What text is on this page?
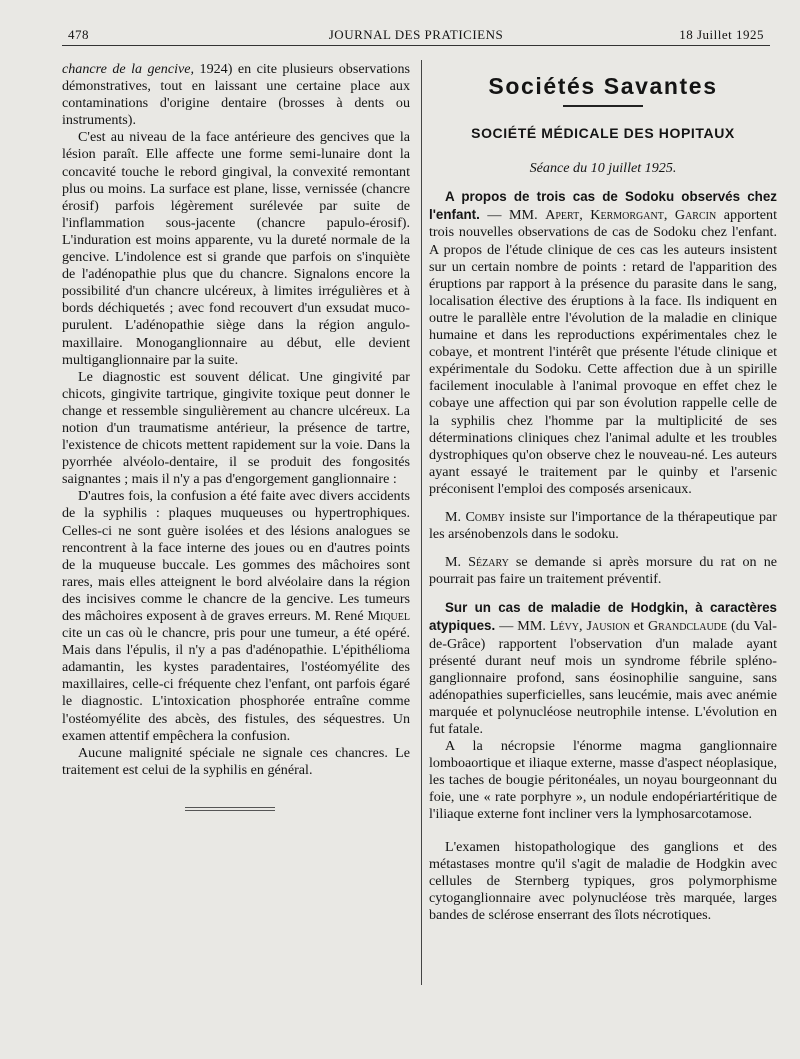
478	JOURNAL DES PRATICIENS	18 Juillet 1925

chancre de la gencive, 1924) en cite plusieurs observations démonstratives, tout en laissant une certaine place aux contaminations d'origine dentaire (brosses à dents ou instruments).

C'est au niveau de la face antérieure des gencives que la lésion paraît. Elle affecte une forme semi-lunaire dont la concavité touche le rebord gingival, la convexité remontant plus ou moins. La surface est plane, lisse, vernissée (chancre érosif) parfois légèrement surélevée par suite de l'inflammation sous-jacente (chancre papulo-érosif). L'induration est moins apparente, vu la dureté normale de la gencive. L'indolence est si grande que parfois on s'inquiète de l'adénopathie plus que du chancre. Signalons encore la possibilité d'un chancre ulcéreux, à limites irrégulières et à bords déchiquetés ; avec fond recouvert d'un exsudat muco-purulent. L'adénopathie siège dans la région angulo-maxillaire. Monoganglionnaire au début, elle devient multiganglionnaire par la suite.

Le diagnostic est souvent délicat. Une gingivité par chicots, gingivite tartrique, gingivite toxique peut donner le change et ressemble singulièrement au chancre ulcéreux. La notion d'un traumatisme antérieur, la présence de tartre, l'existence de chicots mettent rapidement sur la voie. Dans la pyorrhée alvéolo-dentaire, il se produit des fongosités saignantes ; mais il n'y a pas d'engorgement ganglionnaire :

D'autres fois, la confusion a été faite avec divers accidents de la syphilis : plaques muqueuses ou hypertrophiques. Celles-ci ne sont guère isolées et des lésions analogues se rencontrent à la face interne des joues ou en d'autres points de la muqueuse buccale. Les gommes des mâchoires sont rares, mais elles atteignent le bord alvéolaire dans la région des incisives comme le chancre de la gencive. Les tumeurs des mâchoires exposent à de graves erreurs. M. René Miquel cite un cas où le chancre, pris pour une tumeur, a été opéré. Mais dans l'épulis, il n'y a pas d'adénopathie. L'épithélioma adamantin, les kystes paradentaires, l'ostéomyélite des maxillaires, celle-ci fréquente chez l'enfant, ont parfois égaré le diagnostic. L'intoxication phosphorée entraîne comme l'ostéomyélite des abcès, des fistules, des séquestres. Un examen attentif empêchera la confusion.

Aucune malignité spéciale ne signale ces chancres. Le traitement est celui de la syphilis en général.

Sociétés Savantes
SOCIÉTÉ MÉDICALE DES HOPITAUX
Séance du 10 juillet 1925.

A propos de trois cas de Sodoku observés chez l'enfant. — MM. Apert, Kermorgant, Garcin apportent trois nouvelles observations de cas de Sodoku chez l'enfant. A propos de l'étude clinique de ces cas les auteurs insistent sur un certain nombre de points : retard de l'apparition des éruptions par rapport à la présence du parasite dans le sang, localisation élective des éruptions à la face. Ils indiquent en outre le parallèle entre l'évolution de la maladie en clinique humaine et dans les reproductions expérimentales chez le cobaye, et montrent l'intérêt que présente l'étude clinique et expérimentale du Sodoku. Cette affection due à un spirille facilement inoculable à l'animal provoque en effet chez le cobaye une affection qui par son évolution rappelle celle de la syphilis chez l'homme par la multiplicité de ses déterminations cliniques chez l'animal adulte et les troubles dystrophiques qu'on observe chez le nouveau-né. Les auteurs ayant essayé le traitement par le quinby et l'arsenic préconisent l'emploi des composés arsenicaux.

M. Comby insiste sur l'importance de la thérapeutique par les arsénobenzols dans le sodoku.

M. Sézary se demande si après morsure du rat on ne pourrait pas faire un traitement préventif.

Sur un cas de maladie de Hodgkin, à caractères atypiques. — MM. Lévy, Jausion et Grandclaude (du Val-de-Grâce) rapportent l'observation d'un malade ayant présenté durant neuf mois un syndrome fébrile spléno-ganglionnaire profond, sans éosinophilie sanguine, sans adénopathies superficielles, sans leucémie, mais avec anémie marquée et polynucléose neutrophile intense. L'évolution en fut fatale.

A la nécropsie l'énorme magma ganglionnaire lomboaortique et iliaque externe, masse d'aspect néoplasique, les taches de bougie péritonéales, un noyau bourgeonnant du foie, une « rate porphyre », un nodule endopériartéritique de l'iliaque externe font incliner vers la lymphosarcotamose.

L'examen histopathologique des ganglions et des métastases montre qu'il s'agit de maladie de Hodgkin avec cellules de Sternberg typiques, gros polymorphisme cytoganglionnaire avec polynucléose très marquée, larges bandes de sclérose enserrant des îlots nécrotiques.
